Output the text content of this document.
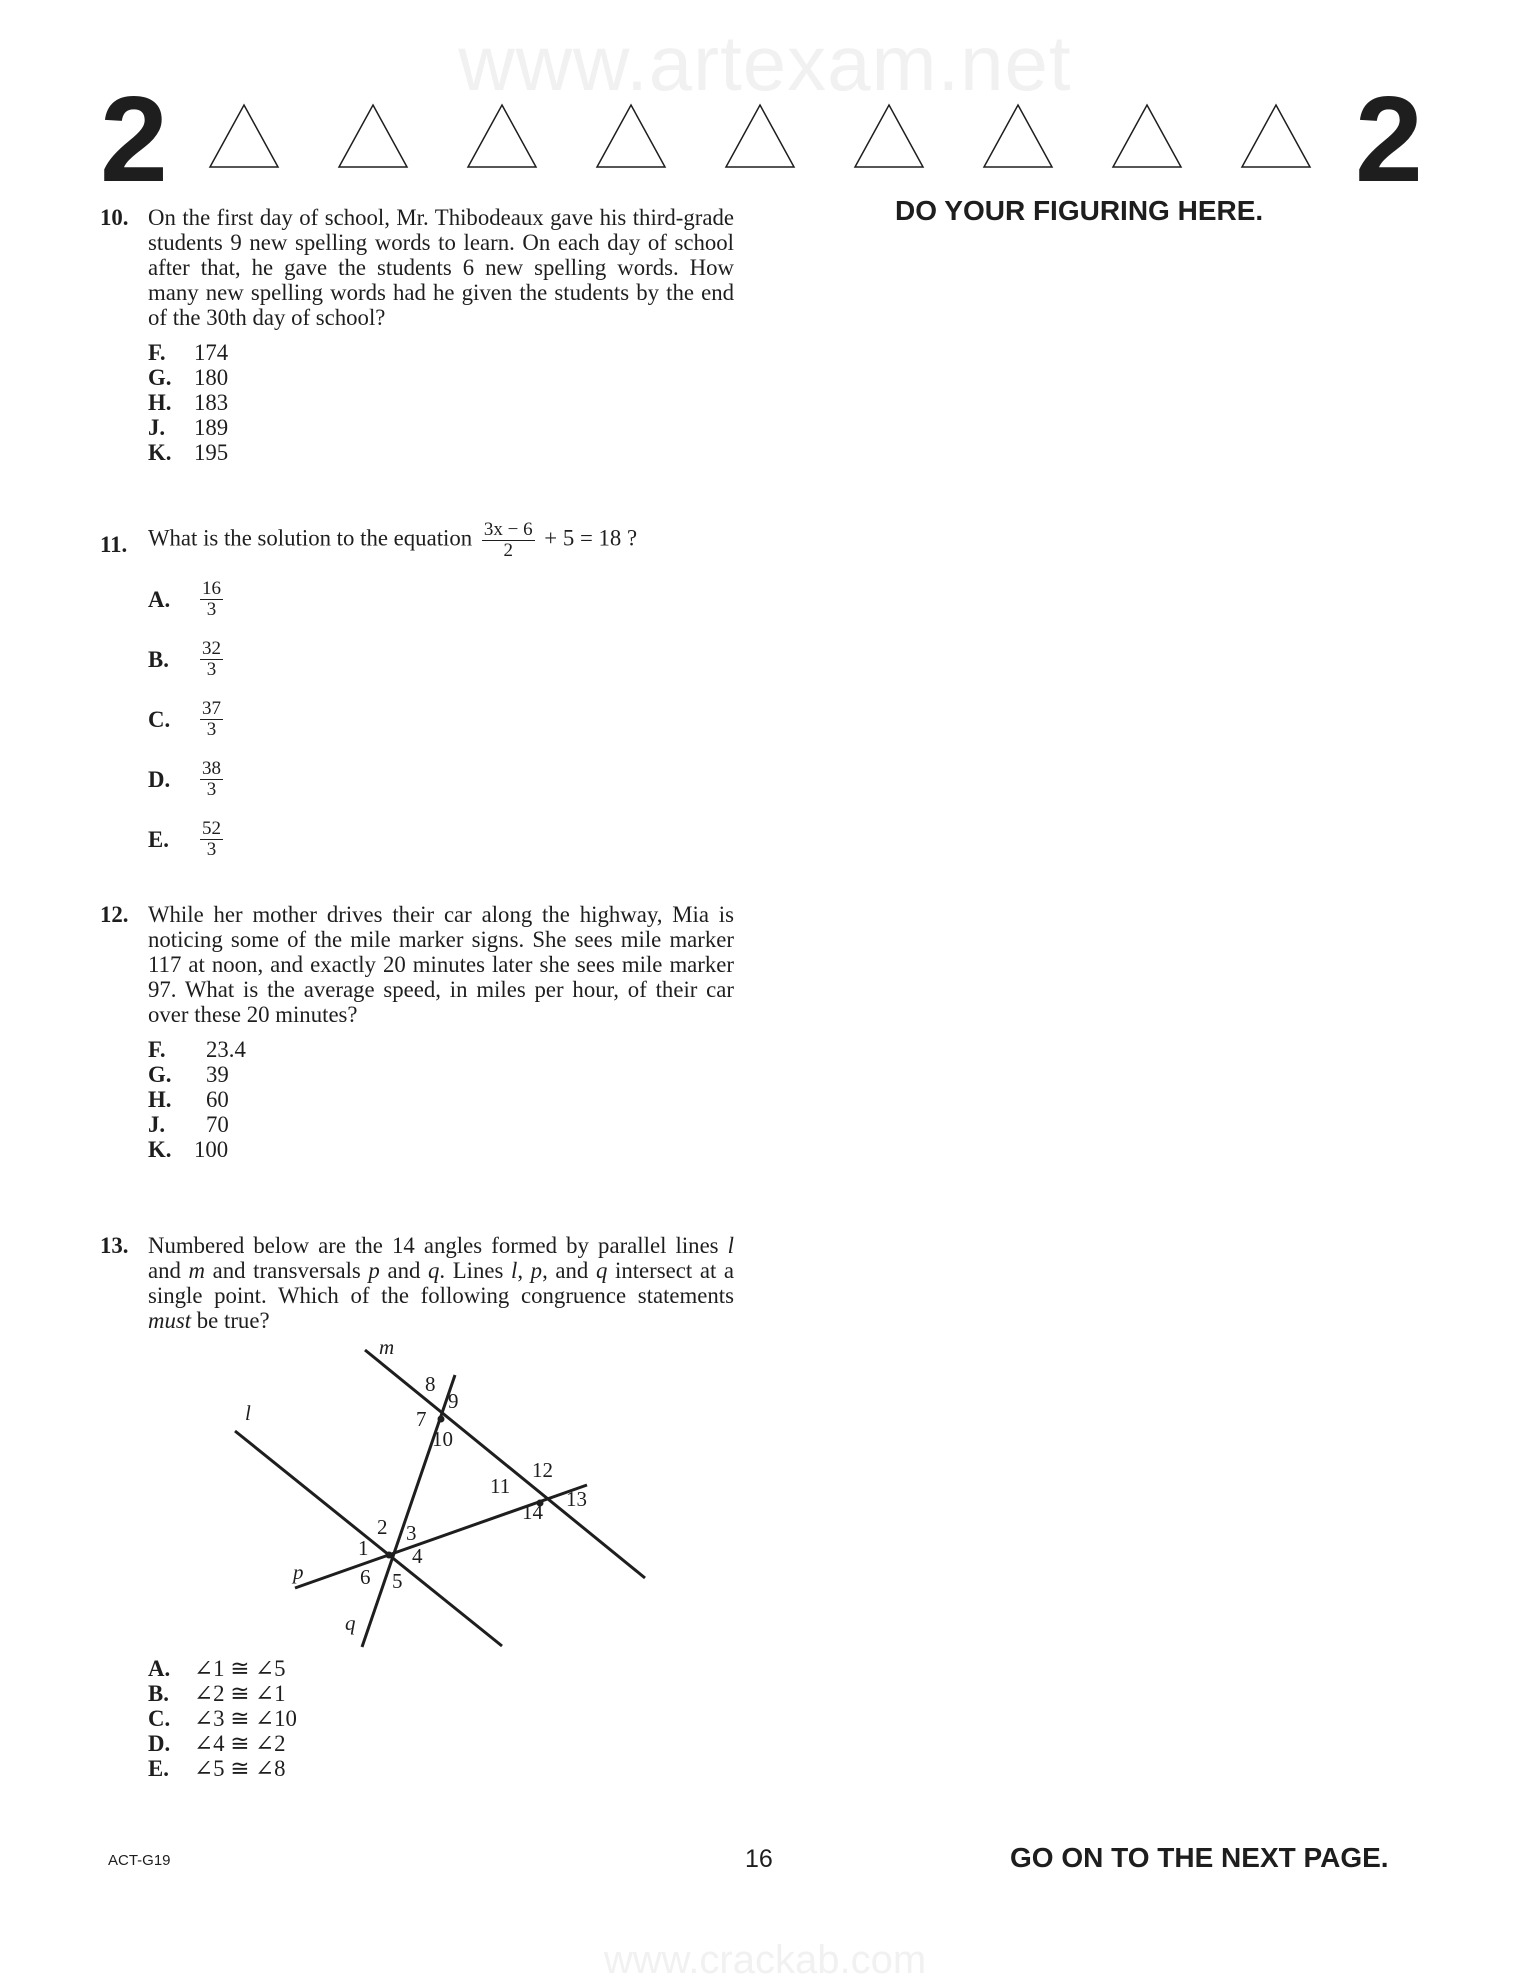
www.artexam.net
2	2
DO YOUR FIGURING HERE.
10. On the first day of school, Mr. Thibodeaux gave his third-grade students 9 new spelling words to learn. On each day of school after that, he gave the students 6 new spelling words. How many new spelling words had he given the students by the end of the 30th day of school?
F.	174
G. 180
H. 183
J.	189
K. 195
11. What is the solution to the equation $\frac{3x - 6}{2} + 5 = 18$ ?
A.	$\frac{16}{3}$
B.	$\frac{32}{3}$
C.	$\frac{37}{3}$
D.	$\frac{38}{3}$
E.	$\frac{52}{3}$
12. While her mother drives their car along the highway, Mia is noticing some of the mile marker signs. She sees mile marker 117 at noon, and exactly 20 minutes later she sees mile marker 97. What is the average speed, in miles per hour, of their car over these 20 minutes?
F.	23.4
G.	39
H.	60
J.	70
K. 100
13. Numbered below are the 14 angles formed by parallel lines l and m and transversals p and q. Lines l, p, and q intersect at a single point. Which of the following congruence statements must be true?
m
l
p
q
8
9
7
10
12
11
13
14
2 3
1 4
6 5
A.	∠1 ≅ ∠5
B.	∠2 ≅ ∠1
C.	∠3 ≅ ∠10
D.	∠4 ≅ ∠2
E.	∠5 ≅ ∠8
ACT-G19	16	GO ON TO THE NEXT PAGE.
www.crackab.com
